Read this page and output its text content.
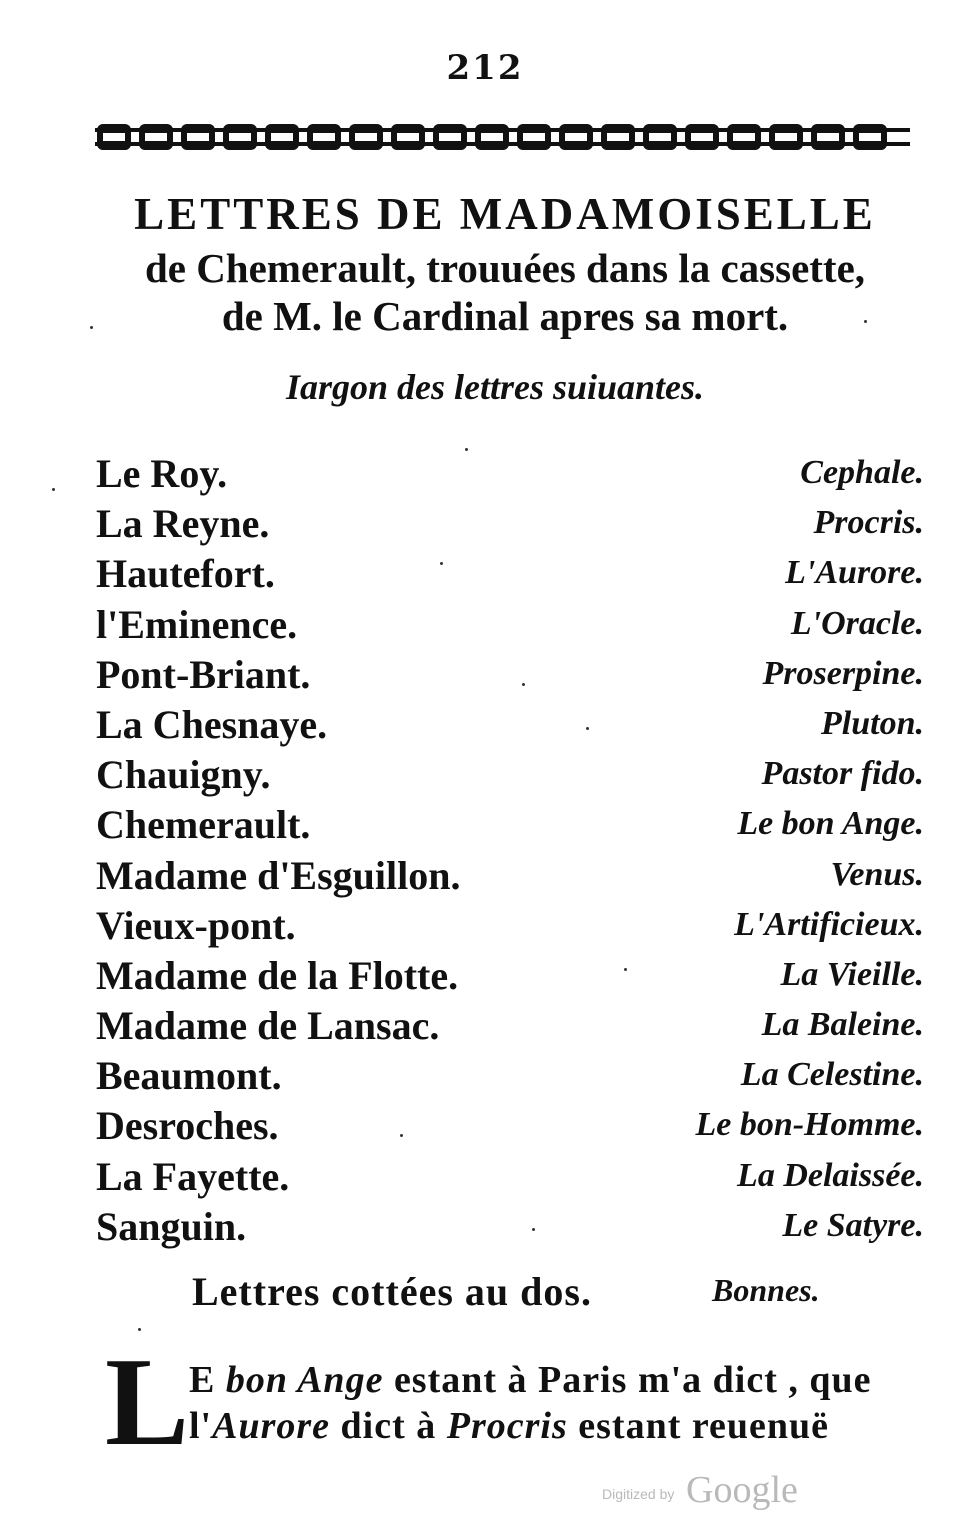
212
LETTRES DE MADAMOISELLE
de Chemerault, trouuées dans la cassette,
de M. le Cardinal apres sa mort.
Iargon des lettres suiuantes.
Le Roy.	Cephale.
La Reyne.	Procris.
Hautefort.	L'Aurore.
l'Eminence.	L'Oracle.
Pont-Briant.	Proserpine.
La Chesnaye.	Pluton.
Chauigny.	Pastor fido.
Chemerault.	Le bon Ange.
Madame d'Esguillon.	Venus.
Vieux-pont.	L'Artificieux.
Madame de la Flotte.	La Vieille.
Madame de Lansac.	La Baleine.
Beaumont.	La Celestine.
Desroches.	Le bon-Homme.
La Fayette.	La Delaissée.
Sanguin.	Le Satyre.
Lettres cottées au dos.	Bonnes.
L E bon Ange estant à Paris m'a dict , que
l'Aurore dict à Procris estant reuenuë
Digitized by Google
